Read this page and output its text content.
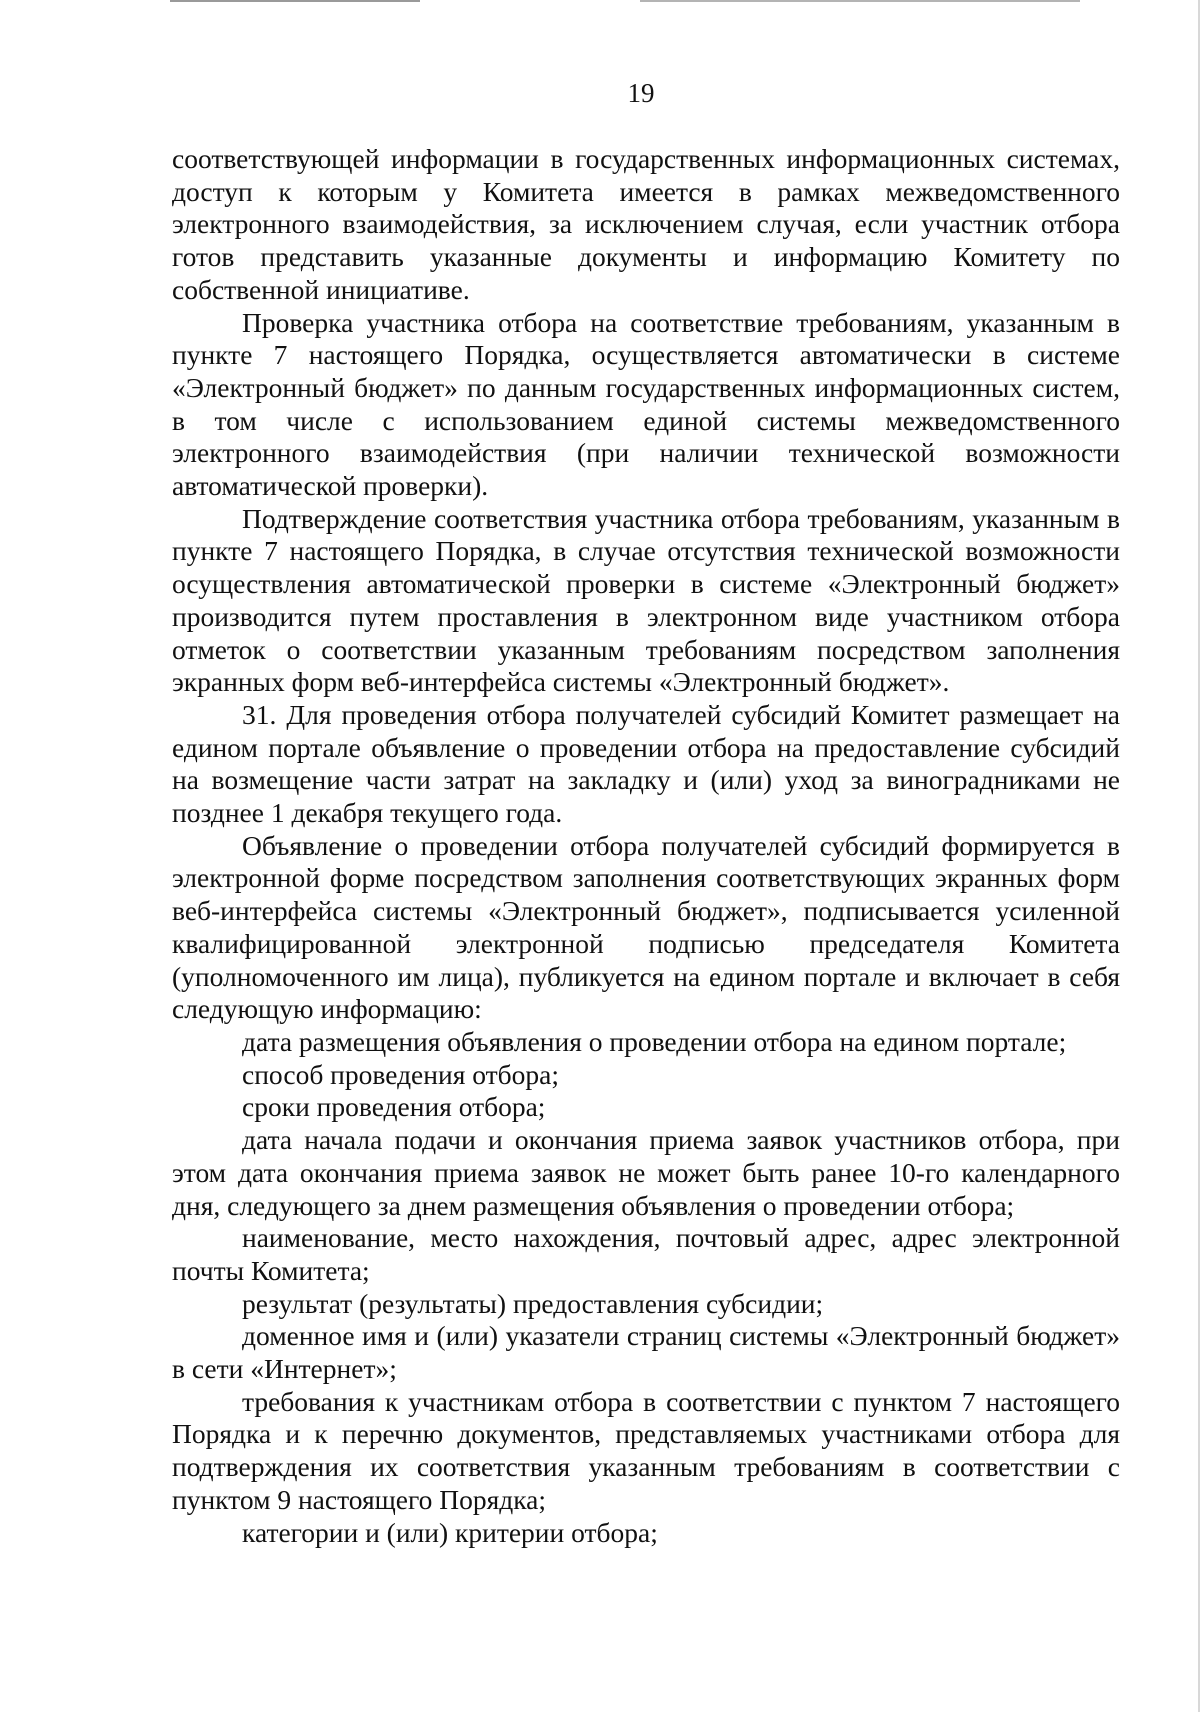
19

соответствующей информации в государственных информационных системах, доступ к которым у Комитета имеется в рамках межведомственного электронного взаимодействия, за исключением случая, если участник отбора готов представить указанные документы и информацию Комитету по собственной инициативе.

Проверка участника отбора на соответствие требованиям, указанным в пункте 7 настоящего Порядка, осуществляется автоматически в системе «Электронный бюджет» по данным государственных информационных систем, в том числе с использованием единой системы межведомственного электронного взаимодействия (при наличии технической возможности автоматической проверки).

Подтверждение соответствия участника отбора требованиям, указанным в пункте 7 настоящего Порядка, в случае отсутствия технической возможности осуществления автоматической проверки в системе «Электронный бюджет» производится путем проставления в электронном виде участником отбора отметок о соответствии указанным требованиям посредством заполнения экранных форм веб-интерфейса системы «Электронный бюджет».

31. Для проведения отбора получателей субсидий Комитет размещает на едином портале объявление о проведении отбора на предоставление субсидий на возмещение части затрат на закладку и (или) уход за виноградниками не позднее 1 декабря текущего года.

Объявление о проведении отбора получателей субсидий формируется в электронной форме посредством заполнения соответствующих экранных форм веб-интерфейса системы «Электронный бюджет», подписывается усиленной квалифицированной электронной подписью председателя Комитета (уполномоченного им лица), публикуется на едином портале и включает в себя следующую информацию:

дата размещения объявления о проведении отбора на едином портале;

способ проведения отбора;

сроки проведения отбора;

дата начала подачи и окончания приема заявок участников отбора, при этом дата окончания приема заявок не может быть ранее 10-го календарного дня, следующего за днем размещения объявления о проведении отбора;

наименование, место нахождения, почтовый адрес, адрес электронной почты Комитета;

результат (результаты) предоставления субсидии;

доменное имя и (или) указатели страниц системы «Электронный бюджет» в сети «Интернет»;

требования к участникам отбора в соответствии с пунктом 7 настоящего Порядка и к перечню документов, представляемых участниками отбора для подтверждения их соответствия указанным требованиям в соответствии с пунктом 9 настоящего Порядка;

категории и (или) критерии отбора;
